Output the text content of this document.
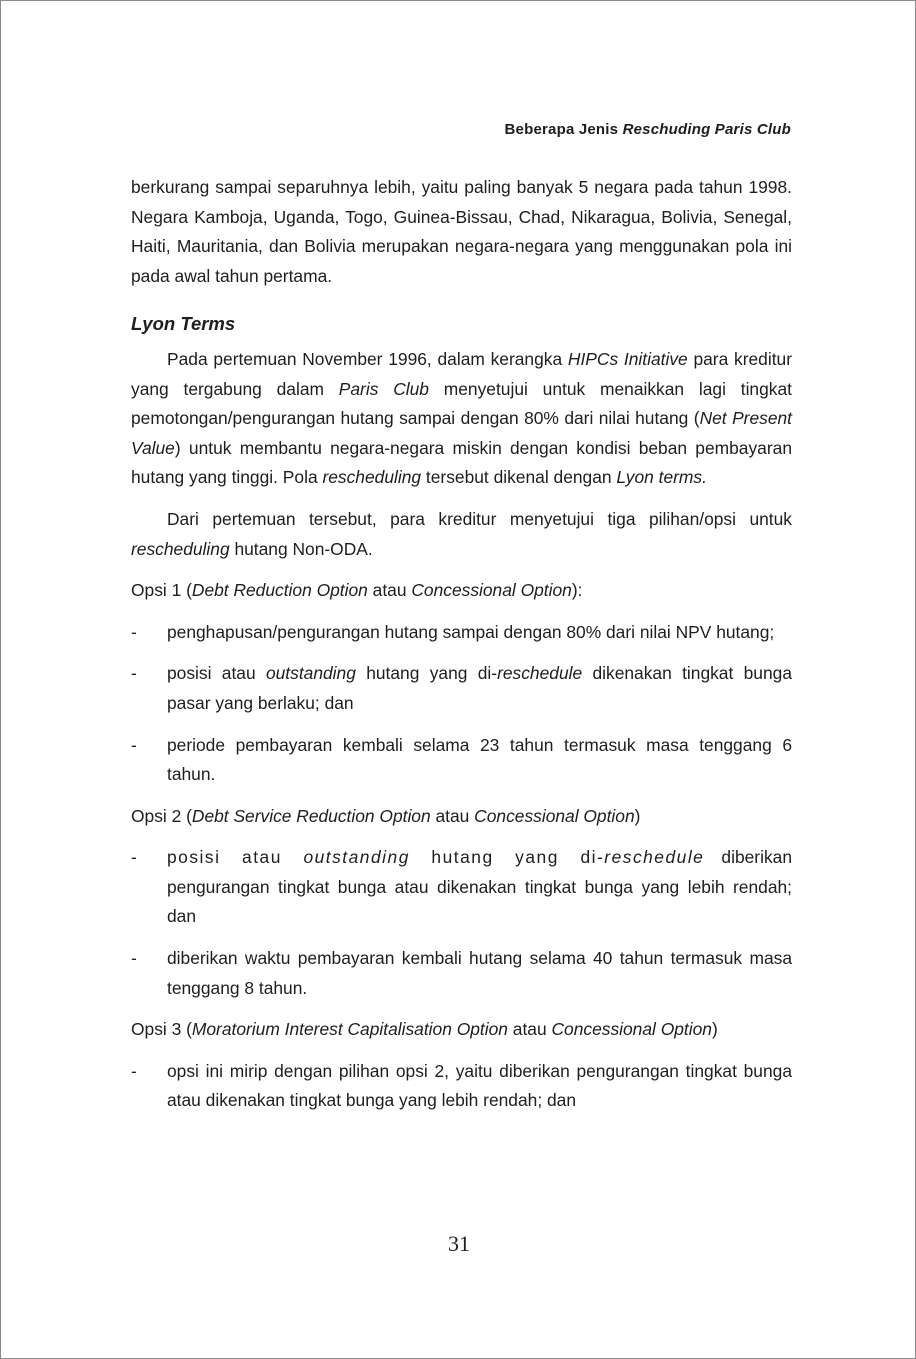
Beberapa Jenis Reschuding Paris Club

berkurang sampai separuhnya lebih, yaitu paling banyak 5 negara pada tahun 1998. Negara Kamboja, Uganda, Togo, Guinea-Bissau, Chad, Nikaragua, Bolivia, Senegal, Haiti, Mauritania, dan Bolivia merupakan negara-negara yang menggunakan pola ini pada awal tahun pertama.

Lyon Terms

Pada pertemuan November 1996, dalam kerangka HIPCs Initiative para kreditur yang tergabung dalam Paris Club menyetujui untuk menaikkan lagi tingkat pemotongan/pengurangan hutang sampai dengan 80% dari nilai hutang (Net Present Value) untuk membantu negara-negara miskin dengan kondisi beban pembayaran hutang yang tinggi. Pola rescheduling tersebut dikenal dengan Lyon terms.

Dari pertemuan tersebut, para kreditur menyetujui tiga pilihan/opsi untuk rescheduling hutang Non-ODA.

Opsi 1 (Debt Reduction Option atau Concessional Option):

- penghapusan/pengurangan hutang sampai dengan 80% dari nilai NPV hutang;
- posisi atau outstanding hutang yang di-reschedule dikenakan tingkat bunga pasar yang berlaku; dan
- periode pembayaran kembali selama 23 tahun termasuk masa tenggang 6 tahun.

Opsi 2 (Debt Service Reduction Option atau Concessional Option)

- posisi atau outstanding hutang yang di-reschedule diberikan pengurangan tingkat bunga atau dikenakan tingkat bunga yang lebih rendah; dan
- diberikan waktu pembayaran kembali hutang selama 40 tahun termasuk masa tenggang 8 tahun.

Opsi 3 (Moratorium Interest Capitalisation Option atau Concessional Option)

- opsi ini mirip dengan pilihan opsi 2, yaitu diberikan pengurangan tingkat bunga atau dikenakan tingkat bunga yang lebih rendah; dan
31
